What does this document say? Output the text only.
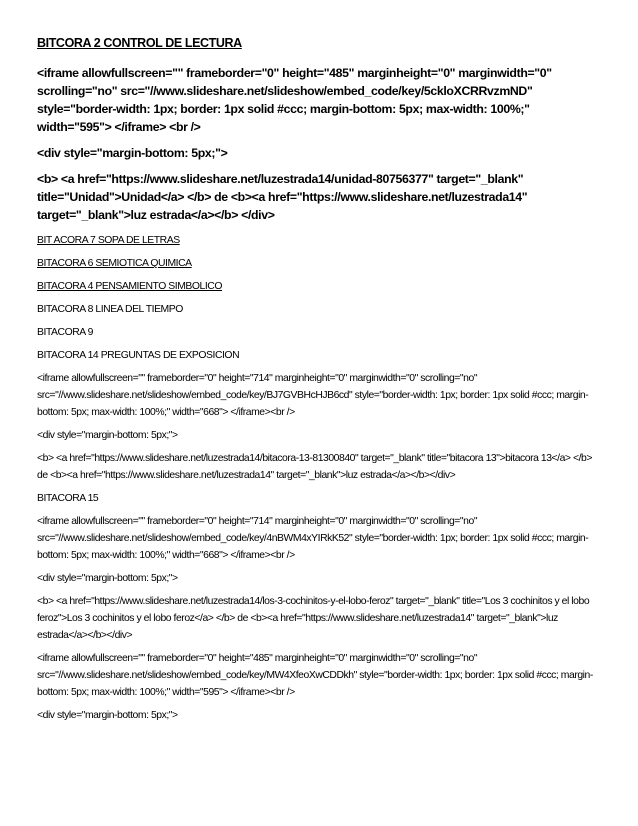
BITCORA 2 CONTROL DE LECTURA

<iframe allowfullscreen="" frameborder="0" height="485" marginheight="0" marginwidth="0" scrolling="no" src="//www.slideshare.net/slideshow/embed_code/key/5ckloXCRRvzmND" style="border-width: 1px; border: 1px solid #ccc; margin-bottom: 5px; max-width: 100%;" width="595"> </iframe> <br />

<div style="margin-bottom: 5px;">

<b> <a href="https://www.slideshare.net/luzestrada14/unidad-80756377" target="_blank" title="Unidad">Unidad</a> </b> de <b><a href="https://www.slideshare.net/luzestrada14" target="_blank">luz estrada</a></b> </div>

BIT ACORA 7 SOPA DE LETRAS

BITACORA 6 SEMIOTICA QUIMICA

BITACORA 4 PENSAMIENTO SIMBOLICO

BITACORA 8 LINEA DEL TIEMPO

BITACORA 9

BITACORA 14 PREGUNTAS DE EXPOSICION

<iframe allowfullscreen="" frameborder="0" height="714" marginheight="0" marginwidth="0" scrolling="no" src="//www.slideshare.net/slideshow/embed_code/key/BJ7GVBHcHJB6cd" style="border-width: 1px; border: 1px solid #ccc; margin-bottom: 5px; max-width: 100%;" width="668"> </iframe><br />

<div style="margin-bottom: 5px;">

<b> <a href="https://www.slideshare.net/luzestrada14/bitacora-13-81300840" target="_blank" title="bitacora 13">bitacora 13</a> </b> de <b><a href="https://www.slideshare.net/luzestrada14" target="_blank">luz estrada</a></b></div>

BITACORA 15

<iframe allowfullscreen="" frameborder="0" height="714" marginheight="0" marginwidth="0" scrolling="no" src="//www.slideshare.net/slideshow/embed_code/key/4nBWM4xYIRkK52" style="border-width: 1px; border: 1px solid #ccc; margin-bottom: 5px; max-width: 100%;" width="668"> </iframe><br />

<div style="margin-bottom: 5px;">

<b> <a href="https://www.slideshare.net/luzestrada14/los-3-cochinitos-y-el-lobo-feroz" target="_blank" title="Los 3 cochinitos y el lobo feroz">Los 3 cochinitos y el lobo feroz</a> </b> de <b><a href="https://www.slideshare.net/luzestrada14" target="_blank">luz estrada</a></b></div>

<iframe allowfullscreen="" frameborder="0" height="485" marginheight="0" marginwidth="0" scrolling="no" src="//www.slideshare.net/slideshow/embed_code/key/MW4XfeoXwCDDkh" style="border-width: 1px; border: 1px solid #ccc; margin-bottom: 5px; max-width: 100%;" width="595"> </iframe><br />

<div style="margin-bottom: 5px;">
